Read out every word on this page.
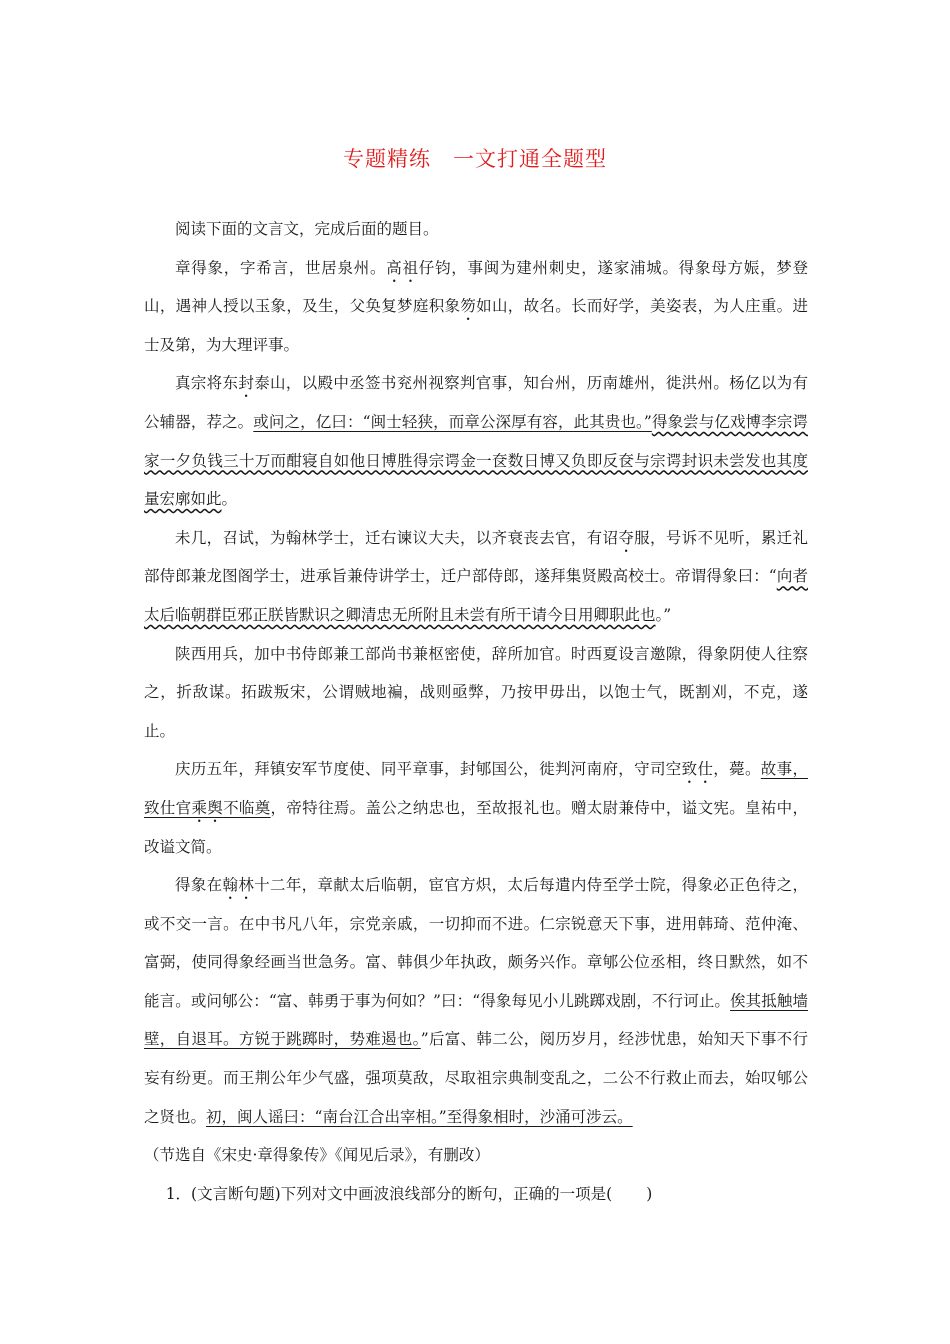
专题精练　一文打通全题型

阅读下面的文言文，完成后面的题目。

章得象，字希言，世居泉州。高祖仔钧，事闽为建州刺史，遂家浦城。得象母方娠，梦登山，遇神人授以玉象，及生，父奂复梦庭积象笏如山，故名。长而好学，美姿表，为人庄重。进士及第，为大理评事。

真宗将东封泰山，以殿中丞签书兖州视察判官事，知台州，历南雄州，徙洪州。杨亿以为有公辅器，荐之。或问之，亿曰：“闽士轻狭，而章公深厚有容，此其贵也。”得象尝与亿戏博李宗谔家一夕负钱三十万而酣寝自如他日博胜得宗谔金一奁数日博又负即反奁与宗谔封识未尝发也其度量宏廓如此。

未几，召试，为翰林学士，迁右谏议大夫，以齐衰丧去官，有诏夺服，号诉不见听，累迁礼部侍郎兼龙图阁学士，进承旨兼侍讲学士，迁户部侍郎，遂拜集贤殿高校士。帝谓得象曰：“向者太后临朝群臣邪正朕皆默识之卿清忠无所附且未尝有所干请今日用卿职此也。”

陕西用兵，加中书侍郎兼工部尚书兼枢密使，辞所加官。时西夏设言邀隙，得象阴使人往察之，折敌谋。拓跋叛宋，公谓贼地褊，战则亟弊，乃按甲毋出，以饱士气，既割刈，不克，遂止。

庆历五年，拜镇安军节度使、同平章事，封郇国公，徙判河南府，守司空致仕，薨。故事，致仕官乘舆不临奠，帝特往焉。盖公之纳忠也，至故报礼也。赠太尉兼侍中，谥文宪。皇祐中，改谥文简。

得象在翰林十二年，章献太后临朝，宦官方炽，太后每遣内侍至学士院，得象必正色待之，或不交一言。在中书凡八年，宗党亲戚，一切抑而不进。仁宗锐意天下事，进用韩琦、范仲淹、富弼，使同得象经画当世急务。富、韩俱少年执政，颇务兴作。章郇公位丞相，终日默然，如不能言。或问郇公：“富、韩勇于事为何如？”曰：“得象每见小儿跳踯戏剧，不行诃止。俟其抵触墙壁，自退耳。方锐于跳踯时，势难遏也。”后富、韩二公，阅历岁月，经涉忧患，始知天下事不行妄有纷更。而王荆公年少气盛，强项莫敌，尽取祖宗典制变乱之，二公不行救止而去，始叹郇公之贤也。初，闽人谣曰：“南台江合出宰相。”至得象相时，沙涌可涉云。

（节选自《宋史·章得象传》《闻见后录》，有删改）

1．(文言断句题)下列对文中画波浪线部分的断句，正确的一项是( )
